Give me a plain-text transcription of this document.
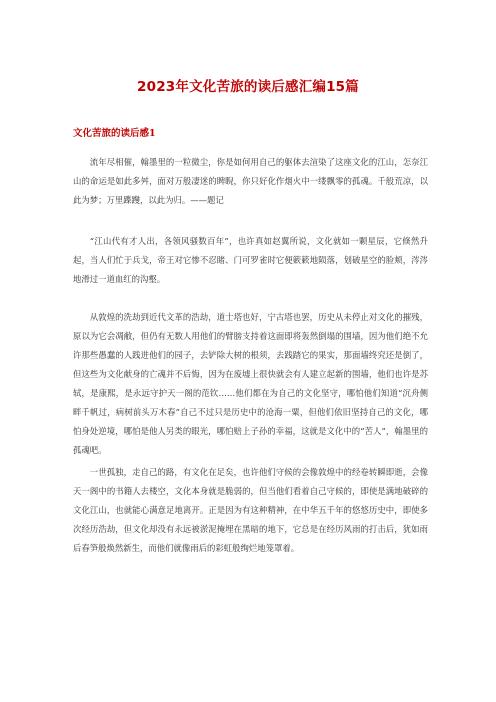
2023年文化苦旅的读后感汇编15篇
文化苦旅的读后感1

流年尽相催，翰墨里的一粒微尘，你是如何用自己的躯体去渲染了这座文化的江山，怎奈江山的命运是如此多舛，面对万般凄迷的睥睨，你只好化作烟火中一缕飘零的孤魂。千般荒凉，以此为梦；万里蹀躞，以此为归。——题记

“江山代有才人出，各领风骚数百年”，也许真如赵翼所说，文化就如一颗星辰，它倏然升起，当人们忙于兵戈，帝王对它惨不忍睹、门可罗雀时它便簌簌地陨落，划破星空的脸颊，涔涔地滑过一道血红的沟壑。

从敦煌的洗劫到近代文革的浩劫，道士塔也好，宁古塔也罢，历史从未停止对文化的摧残，原以为它会凋敝，但仍有无数人用他们的臂膀支持着这面即将轰然倒塌的围墙，因为他们绝不允许那些愚蠢的人践进他们的园子，去铲除大树的根须，去践踏它的果实，那面墙终究还是倒了，但这些为文化献身的亡魂并不后悔，因为在废墟上很快就会有人建立起新的围墙，他们也许是苏轼，是康熙，是永远守护天一阁的范钦……他们都在为自己的文化坚守，哪怕他们知道“沉舟侧畔千帆过，病树前头万木春”自己不过只是历史中的沧海一粟，但他们依旧坚持自己的文化，哪怕身处逆境，哪怕是他人另类的眼光，哪怕赔上子孙的幸福，这就是文化中的“苦人”，翰墨里的孤魂吧。

一世孤独，走自己的路，有文化在足矣，也许他们守候的会像敦煌中的经卷转瞬即逝，会像天一阁中的书籍人去楼空，文化本身就是脆弱的，但当他们看着自己守候的，即使是满地破碎的文化江山，也就能心满意足地离开。正是因为有这种精神，在中华五千年的悠悠历史中，即使多次经历浩劫，但文化却没有永远被淤泥掩埋在黑暗的地下，它总是在经历风雨的打击后，犹如雨后春笋般焕然新生，而他们就像雨后的彩虹般绚烂地笼罩着。
